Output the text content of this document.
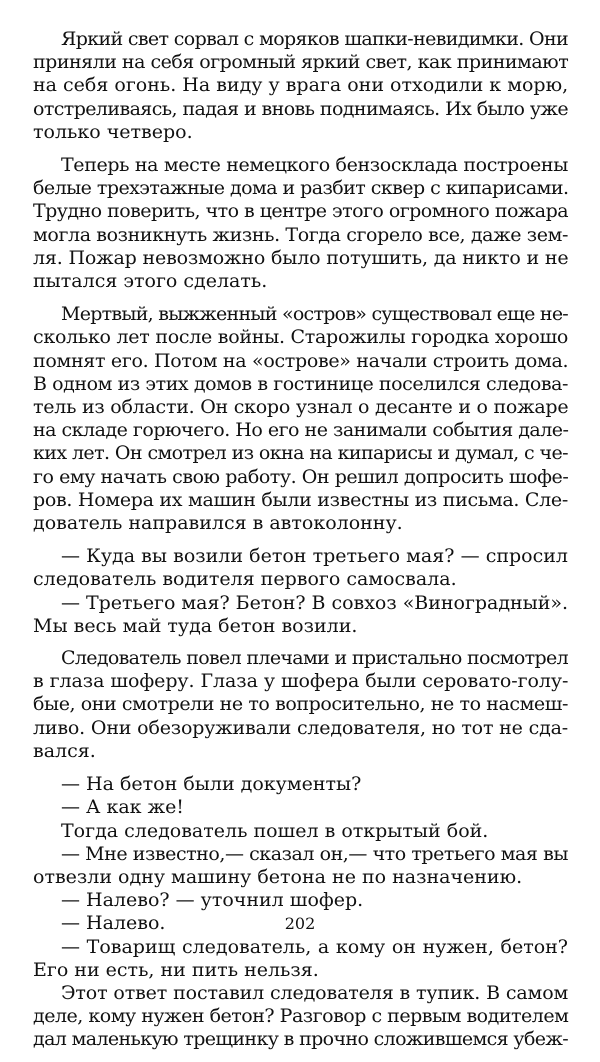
Яркий свет сорвал с моряков шапки-невидимки. Они
приняли на себя огромный яркий свет, как принимают
на себя огонь. На виду у врага они отходили к морю,
отстреливаясь, падая и вновь поднимаясь. Их было уже
только четверо.
Теперь на месте немецкого бензосклада построены
белые трехэтажные дома и разбит сквер с кипарисами.
Трудно поверить, что в центре этого огромного пожара
могла возникнуть жизнь. Тогда сгорело все, даже зем-
ля. Пожар невозможно было потушить, да никто и не
пытался этого сделать.
Мертвый, выжженный «остров» существовал еще не-
сколько лет после войны. Старожилы городка хорошо
помнят его. Потом на «острове» начали строить дома.
В одном из этих домов в гостинице поселился следова-
тель из области. Он скоро узнал о десанте и о пожаре
на складе горючего. Но его не занимали события дале-
ких лет. Он смотрел из окна на кипарисы и думал, с че-
го ему начать свою работу. Он решил допросить шофе-
ров. Номера их машин были известны из письма. Сле-
дователь направился в автоколонну.
— Куда вы возили бетон третьего мая? — спросил
следователь водителя первого самосвала.
— Третьего мая? Бетон? В совхоз «Виноградный».
Мы весь май туда бетон возили.
Следователь повел плечами и пристально посмотрел
в глаза шоферу. Глаза у шофера были серовато-голу-
бые, они смотрели не то вопросительно, не то насмеш-
ливо. Они обезоруживали следователя, но тот не сда-
вался.
— На бетон были документы?
— А как же!
Тогда следователь пошел в открытый бой.
— Мне известно,— сказал он,— что третьего мая вы
отвезли одну машину бетона не по назначению.
— Налево? — уточнил шофер.
— Налево.
— Товарищ следователь, а кому он нужен, бетон?
Его ни есть, ни пить нельзя.
Этот ответ поставил следователя в тупик. В самом
деле, кому нужен бетон? Разговор с первым водителем
дал маленькую трещинку в прочно сложившемся убеж-
202
